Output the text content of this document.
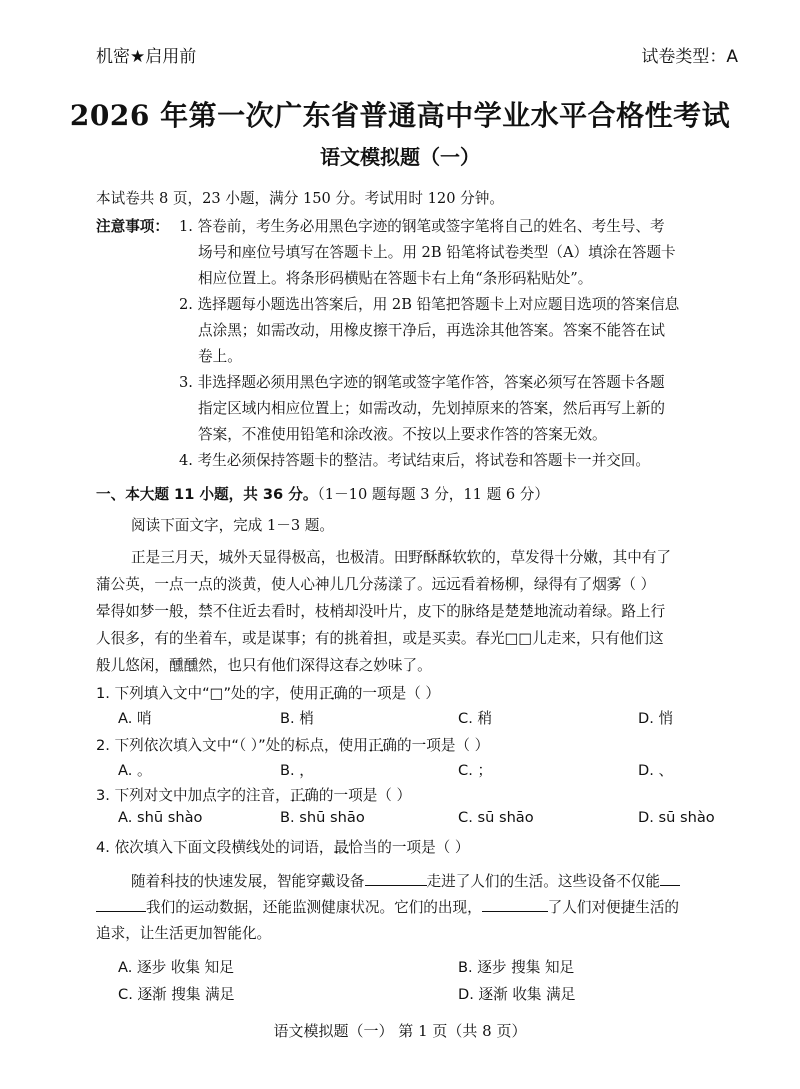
机密★启用前	试卷类型：A
2026 年第一次广东省普通高中学业水平合格性考试
语文模拟题（一）
本试卷共 8 页，23 小题，满分 150 分。考试用时 120 分钟。
注意事项： 1. 答卷前，考生务必用黑色字迹的钢笔或签字笔将自己的姓名、考生号、考
场号和座位号填写在答题卡上。用 2B 铅笔将试卷类型（A）填涂在答题卡
相应位置上。将条形码横贴在答题卡右上角“条形码粘贴处”。
2. 选择题每小题选出答案后，用 2B 铅笔把答题卡上对应题目选项的答案信息
点涂黑；如需改动，用橡皮擦干净后，再选涂其他答案。答案不能答在试
卷上。
3. 非选择题必须用黑色字迹的钢笔或签字笔作答，答案必须写在答题卡各题
指定区域内相应位置上；如需改动，先划掉原来的答案，然后再写上新的
答案，不准使用铅笔和涂改液。不按以上要求作答的答案无效。
4. 考生必须保持答题卡的整洁。考试结束后，将试卷和答题卡一并交回。
一、本大题 11 小题，共 36 分。（1－10 题每题 3 分，11 题 6 分）
阅读下面文字，完成 1－3 题。
正是三月天，城外天显得极高，也极清。田野酥酥软软的，草发得十分嫩，其中有了
蒲公英，一点一点的淡黄，使人心神儿几分荡漾了。远远看着杨柳，绿得有了烟雾（ ）
晕得如梦一般，禁不住近去看时，枝梢却没叶片，皮下的脉络是楚楚地流动着绿。路上行
人很多，有的坐着车，或是谋事；有的挑着担，或是买卖。春光□□儿走来，只有他们这
般儿悠闲，醺醺然，也只有他们深得这春之妙味了。
1. 下列填入文中“□”处的字，使用正确 ••的一项是（ ）
A. 哨	B. 梢	C. 稍	D. 悄
2. 下列依次填入文中“（ ）”处的标点，使用正确 ••的一项是（ ）
A. 。	B. ，	C. ；	D. 、
3. 下列对文中加点字的注音，正确 ••的一项是（ ）
A. shū shào	B. shū shāo	C. sū shāo	D. sū shào
4. 依次填入下面文段横线处的词语，最恰当 ••的一项是（ ）
随着科技的快速发展，智能穿戴设备	走进了人们的生活。这些设备不仅能
我们的运动数据，还能监测健康状况。它们的出现，	了人们对便捷生活的
追求，让生活更加智能化。
A. 逐步 收集 知足	B. 逐步 搜集 知足
C. 逐渐 搜集 满足	D. 逐渐 收集 满足
语文模拟题（一） 第 1 页（共 8 页）
